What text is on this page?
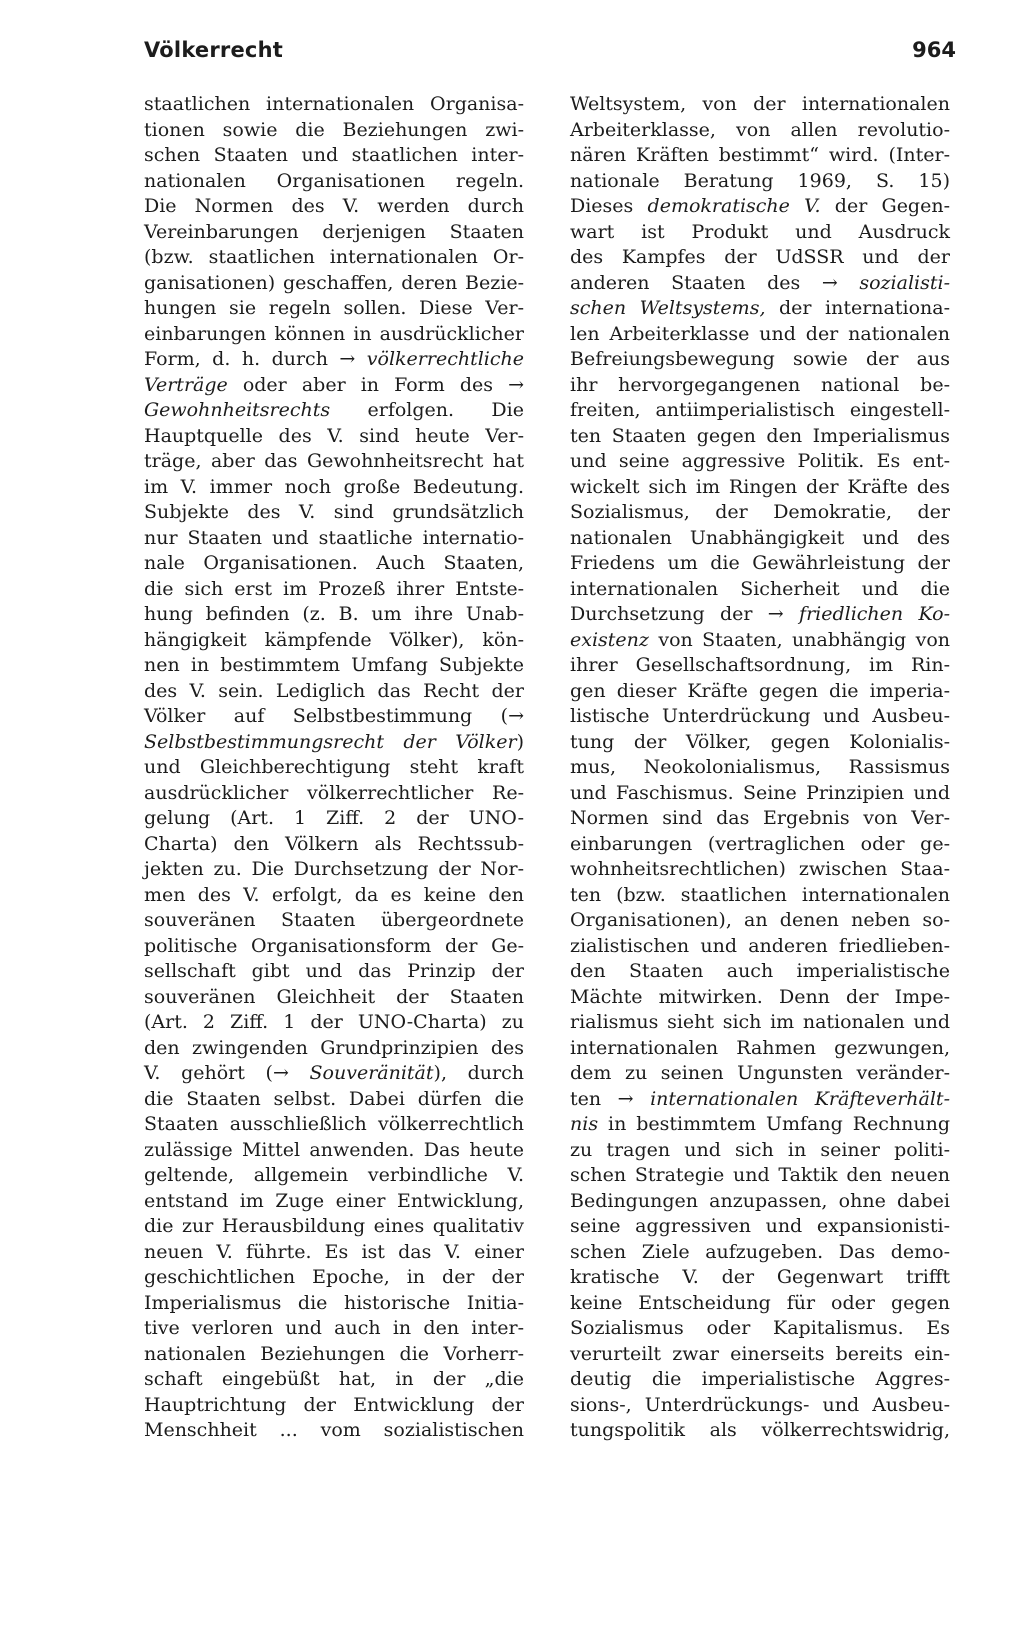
Völkerrecht	964
staatlichen internationalen Organisa-
tionen sowie die Beziehungen zwi-
schen Staaten und staatlichen inter-
nationalen Organisationen regeln.
Die Normen des V. werden durch
Vereinbarungen derjenigen Staaten
(bzw. staatlichen internationalen Or-
ganisationen) geschaffen, deren Bezie-
hungen sie regeln sollen. Diese Ver-
einbarungen können in ausdrücklicher
Form, d. h. durch → völkerrechtliche
Verträge oder aber in Form des →
Gewohnheitsrechts erfolgen. Die
Hauptquelle des V. sind heute Ver-
träge, aber das Gewohnheitsrecht hat
im V. immer noch große Bedeutung.
Subjekte des V. sind grundsätzlich
nur Staaten und staatliche internatio-
nale Organisationen. Auch Staaten,
die sich erst im Prozeß ihrer Entste-
hung befinden (z. B. um ihre Unab-
hängigkeit kämpfende Völker), kön-
nen in bestimmtem Umfang Subjekte
des V. sein. Lediglich das Recht der
Völker auf Selbstbestimmung (→
Selbstbestimmungsrecht der Völker)
und Gleichberechtigung steht kraft
ausdrücklicher völkerrechtlicher Re-
gelung (Art. 1 Ziff. 2 der UNO-
Charta) den Völkern als Rechtssub-
jekten zu. Die Durchsetzung der Nor-
men des V. erfolgt, da es keine den
souveränen Staaten übergeordnete
politische Organisationsform der Ge-
sellschaft gibt und das Prinzip der
souveränen Gleichheit der Staaten
(Art. 2 Ziff. 1 der UNO-Charta) zu
den zwingenden Grundprinzipien des
V. gehört (→ Souveränität), durch
die Staaten selbst. Dabei dürfen die
Staaten ausschließlich völkerrechtlich
zulässige Mittel anwenden. Das heute
geltende, allgemein verbindliche V.
entstand im Zuge einer Entwicklung,
die zur Herausbildung eines qualitativ
neuen V. führte. Es ist das V. einer
geschichtlichen Epoche, in der der
Imperialismus die historische Initia-
tive verloren und auch in den inter-
nationalen Beziehungen die Vorherr-
schaft eingebüßt hat, in der „die
Hauptrichtung der Entwicklung der
Menschheit ... vom sozialistischen
Weltsystem, von der internationalen
Arbeiterklasse, von allen revolutio-
nären Kräften bestimmt“ wird. (Inter-
nationale Beratung 1969, S. 15)
Dieses demokratische V. der Gegen-
wart ist Produkt und Ausdruck
des Kampfes der UdSSR und der
anderen Staaten des → sozialisti-
schen Weltsystems, der internationa-
len Arbeiterklasse und der nationalen
Befreiungsbewegung sowie der aus
ihr hervorgegangenen national be-
freiten, antiimperialistisch eingestell-
ten Staaten gegen den Imperialismus
und seine aggressive Politik. Es ent-
wickelt sich im Ringen der Kräfte des
Sozialismus, der Demokratie, der
nationalen Unabhängigkeit und des
Friedens um die Gewährleistung der
internationalen Sicherheit und die
Durchsetzung der → friedlichen Ko-
existenz von Staaten, unabhängig von
ihrer Gesellschaftsordnung, im Rin-
gen dieser Kräfte gegen die imperia-
listische Unterdrückung und Ausbeu-
tung der Völker, gegen Kolonialis-
mus, Neokolonialismus, Rassismus
und Faschismus. Seine Prinzipien und
Normen sind das Ergebnis von Ver-
einbarungen (vertraglichen oder ge-
wohnheitsrechtlichen) zwischen Staa-
ten (bzw. staatlichen internationalen
Organisationen), an denen neben so-
zialistischen und anderen friedlieben-
den Staaten auch imperialistische
Mächte mitwirken. Denn der Impe-
rialismus sieht sich im nationalen und
internationalen Rahmen gezwungen,
dem zu seinen Ungunsten veränder-
ten → internationalen Kräfteverhält-
nis in bestimmtem Umfang Rechnung
zu tragen und sich in seiner politi-
schen Strategie und Taktik den neuen
Bedingungen anzupassen, ohne dabei
seine aggressiven und expansionisti-
schen Ziele aufzugeben. Das demo-
kratische V. der Gegenwart trifft
keine Entscheidung für oder gegen
Sozialismus oder Kapitalismus. Es
verurteilt zwar einerseits bereits ein-
deutig die imperialistische Aggres-
sions-, Unterdrückungs- und Ausbeu-
tungspolitik als völkerrechtswidrig,
